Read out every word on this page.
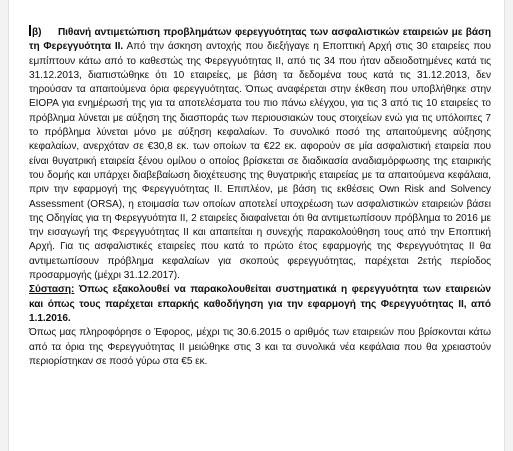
β) Πιθανή αντιμετώπιση προβλημάτων φερεγγυότητας των ασφαλιστικών εταιρειών με βάση τη Φερεγγυότητα ΙΙ. Από την άσκηση αντοχής που διεξήγαγε η Εποπτική Αρχή στις 30 εταιρείες που εμπίπτουν κάτω από το καθεστώς της Φερεγγυότητας ΙΙ, από τις 34 που ήταν αδειοδοτημένες κατά τις 31.12.2013, διαπιστώθηκε ότι 10 εταιρείες, με βάση τα δεδομένα τους κατά τις 31.12.2013, δεν τηρούσαν τα απαιτούμενα όρια φερεγγυότητας. Όπως αναφέρεται στην έκθεση που υποβλήθηκε στην EIOPA για ενημέρωσή της για τα αποτελέσματα του πιο πάνω ελέγχου, για τις 3 από τις 10 εταιρείες το πρόβλημα λύνεται με αύξηση της διασποράς των περιουσιακών τους στοιχείων ενώ για τις υπόλοιπες 7 το πρόβλημα λύνεται μόνο με αύξηση κεφαλαίων. Το συνολικό ποσό της απαιτούμενης αύξησης κεφαλαίων, ανερχόταν σε €30,8 εκ. των οποίων τα €22 εκ. αφορούν σε μία ασφαλιστική εταιρεία που είναι θυγατρική εταιρεία ξένου ομίλου ο οποίος βρίσκεται σε διαδικασία αναδιαμόρφωσης της εταιρικής του δομής και υπάρχει διαβεβαίωση διοχέτευσης της θυγατρικής εταιρείας με τα απαιτούμενα κεφάλαια, πριν την εφαρμογή της Φερεγγυότητας ΙΙ. Επιπλέον, με βάση τις εκθέσεις Own Risk and Solvency Assessment (ORSA), η ετοιμασία των οποίων αποτελεί υποχρέωση των ασφαλιστικών εταιρειών βάσει της Οδηγίας για τη Φερεγγυότητα ΙΙ, 2 εταιρείες διαφαίνεται ότι θα αντιμετωπίσουν πρόβλημα το 2016 με την εισαγωγή της Φερεγγυότητας ΙΙ και απαιτείται η συνεχής παρακολούθηση τους από την Εποπτική Αρχή. Για τις ασφαλιστικές εταιρείες που κατά το πρώτο έτος εφαρμογής της Φερεγγυότητας ΙΙ θα αντιμετωπίσουν πρόβλημα κεφαλαίων για σκοπούς φερεγγυότητας, παρέχεται 2ετής περίοδος προσαρμογής (μέχρι 31.12.2017).

Σύσταση: Όπως εξακολουθεί να παρακολουθείται συστηματικά η φερεγγυότητα των εταιρειών και όπως τους παρέχεται επαρκής καθοδήγηση για την εφαρμογή της Φερεγγυότητας ΙΙ, από 1.1.2016.

Όπως μας πληροφόρησε ο Έφορος, μέχρι τις 30.6.2015 ο αριθμός των εταιρειών που βρίσκονται κάτω από τα όρια της Φερεγγυότητας ΙΙ μειώθηκε στις 3 και τα συνολικά νέα κεφάλαια που θα χρειαστούν περιορίστηκαν σε ποσό γύρω στα €5 εκ.
